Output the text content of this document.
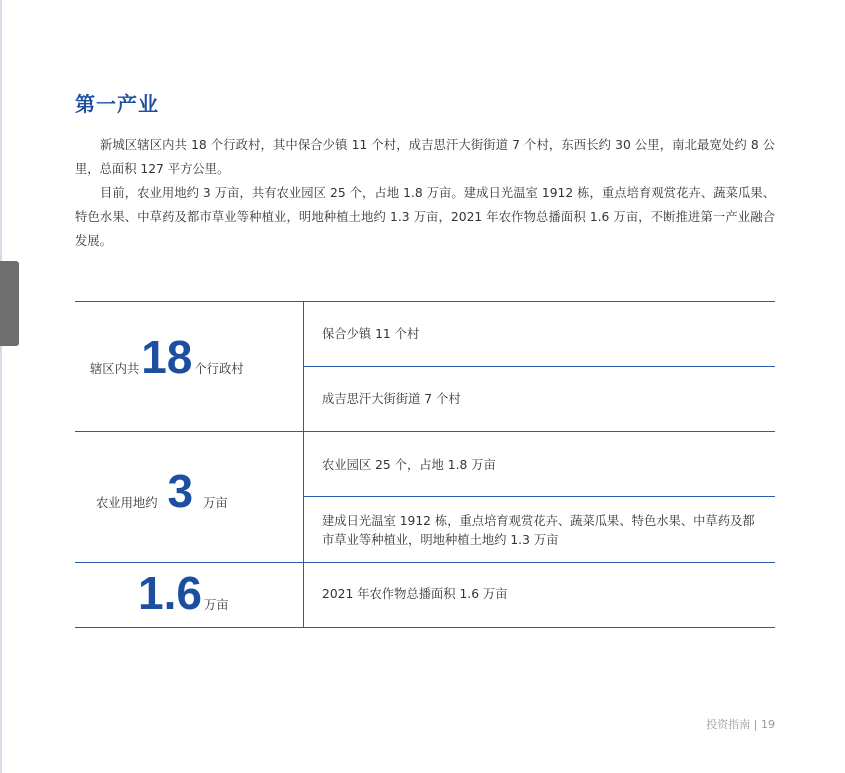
第一产业

新城区辖区内共 18 个行政村，其中保合少镇 11 个村，成吉思汗大街街道 7 个村，东西长约 30 公里，南北最宽处约 8 公里，总面积 127 平方公里。

目前，农业用地约 3 万亩，共有农业园区 25 个，占地 1.8 万亩。建成日光温室 1912 栋，重点培育观赏花卉、蔬菜瓜果、特色水果、中草药及都市草业等种植业，明地种植土地约 1.3 万亩，2021 年农作物总播面积 1.6 万亩，不断推进第一产业融合发展。

辖区内共 18 个行政村
保合少镇 11 个村
成吉思汗大街街道 7 个村
农业用地约 3 万亩
农业园区 25 个，占地 1.8 万亩
建成日光温室 1912 栋，重点培育观赏花卉、蔬菜瓜果、特色水果、中草药及都市草业等种植业，明地种植土地约 1.3 万亩
1.6 万亩
2021 年农作物总播面积 1.6 万亩
投资指南 | 19
